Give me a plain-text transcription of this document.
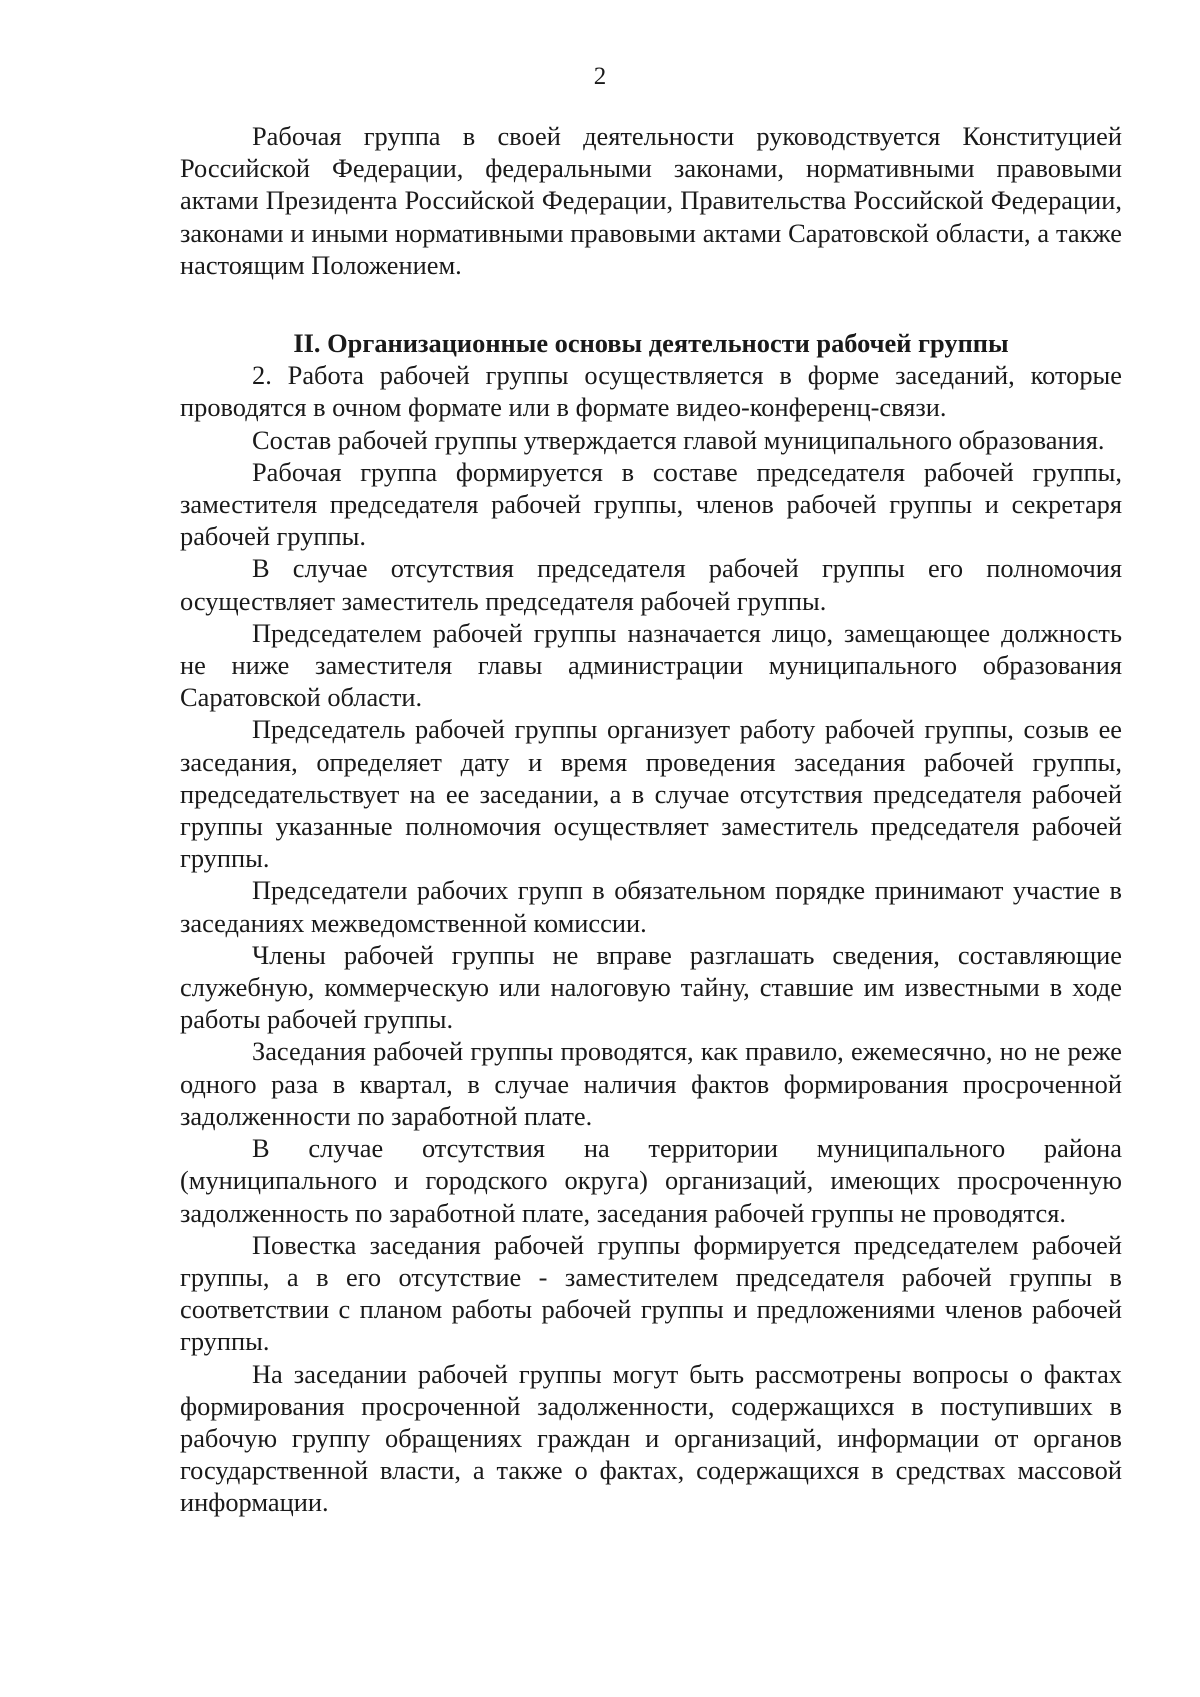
2

Рабочая группа в своей деятельности руководствуется Конституцией Российской Федерации, федеральными законами, нормативными правовыми актами Президента Российской Федерации, Правительства Российской Федерации, законами и иными нормативными правовыми актами Саратовской области, а также настоящим Положением.

II. Организационные основы деятельности рабочей группы

2. Работа рабочей группы осуществляется в форме заседаний, которые проводятся в очном формате или в формате видео-конференц-связи.

Состав рабочей группы утверждается главой муниципального образования.

Рабочая группа формируется в составе председателя рабочей группы, заместителя председателя рабочей группы, членов рабочей группы и секретаря рабочей группы.

В случае отсутствия председателя рабочей группы его полномочия осуществляет заместитель председателя рабочей группы.

Председателем рабочей группы назначается лицо, замещающее должность не ниже заместителя главы администрации муниципального образования Саратовской области.

Председатель рабочей группы организует работу рабочей группы, созыв ее заседания, определяет дату и время проведения заседания рабочей группы, председательствует на ее заседании, а в случае отсутствия председателя рабочей группы указанные полномочия осуществляет заместитель председателя рабочей группы.

Председатели рабочих групп в обязательном порядке принимают участие в заседаниях межведомственной комиссии.

Члены рабочей группы не вправе разглашать сведения, составляющие служебную, коммерческую или налоговую тайну, ставшие им известными в ходе работы рабочей группы.

Заседания рабочей группы проводятся, как правило, ежемесячно, но не реже одного раза в квартал, в случае наличия фактов формирования просроченной задолженности по заработной плате.

В случае отсутствия на территории муниципального района (муниципального и городского округа) организаций, имеющих просроченную задолженность по заработной плате, заседания рабочей группы не проводятся.

Повестка заседания рабочей группы формируется председателем рабочей группы, а в его отсутствие - заместителем председателя рабочей группы в соответствии с планом работы рабочей группы и предложениями членов рабочей группы.

На заседании рабочей группы могут быть рассмотрены вопросы о фактах формирования просроченной задолженности, содержащихся в поступивших в рабочую группу обращениях граждан и организаций, информации от органов государственной власти, а также о фактах, содержащихся в средствах массовой информации.
